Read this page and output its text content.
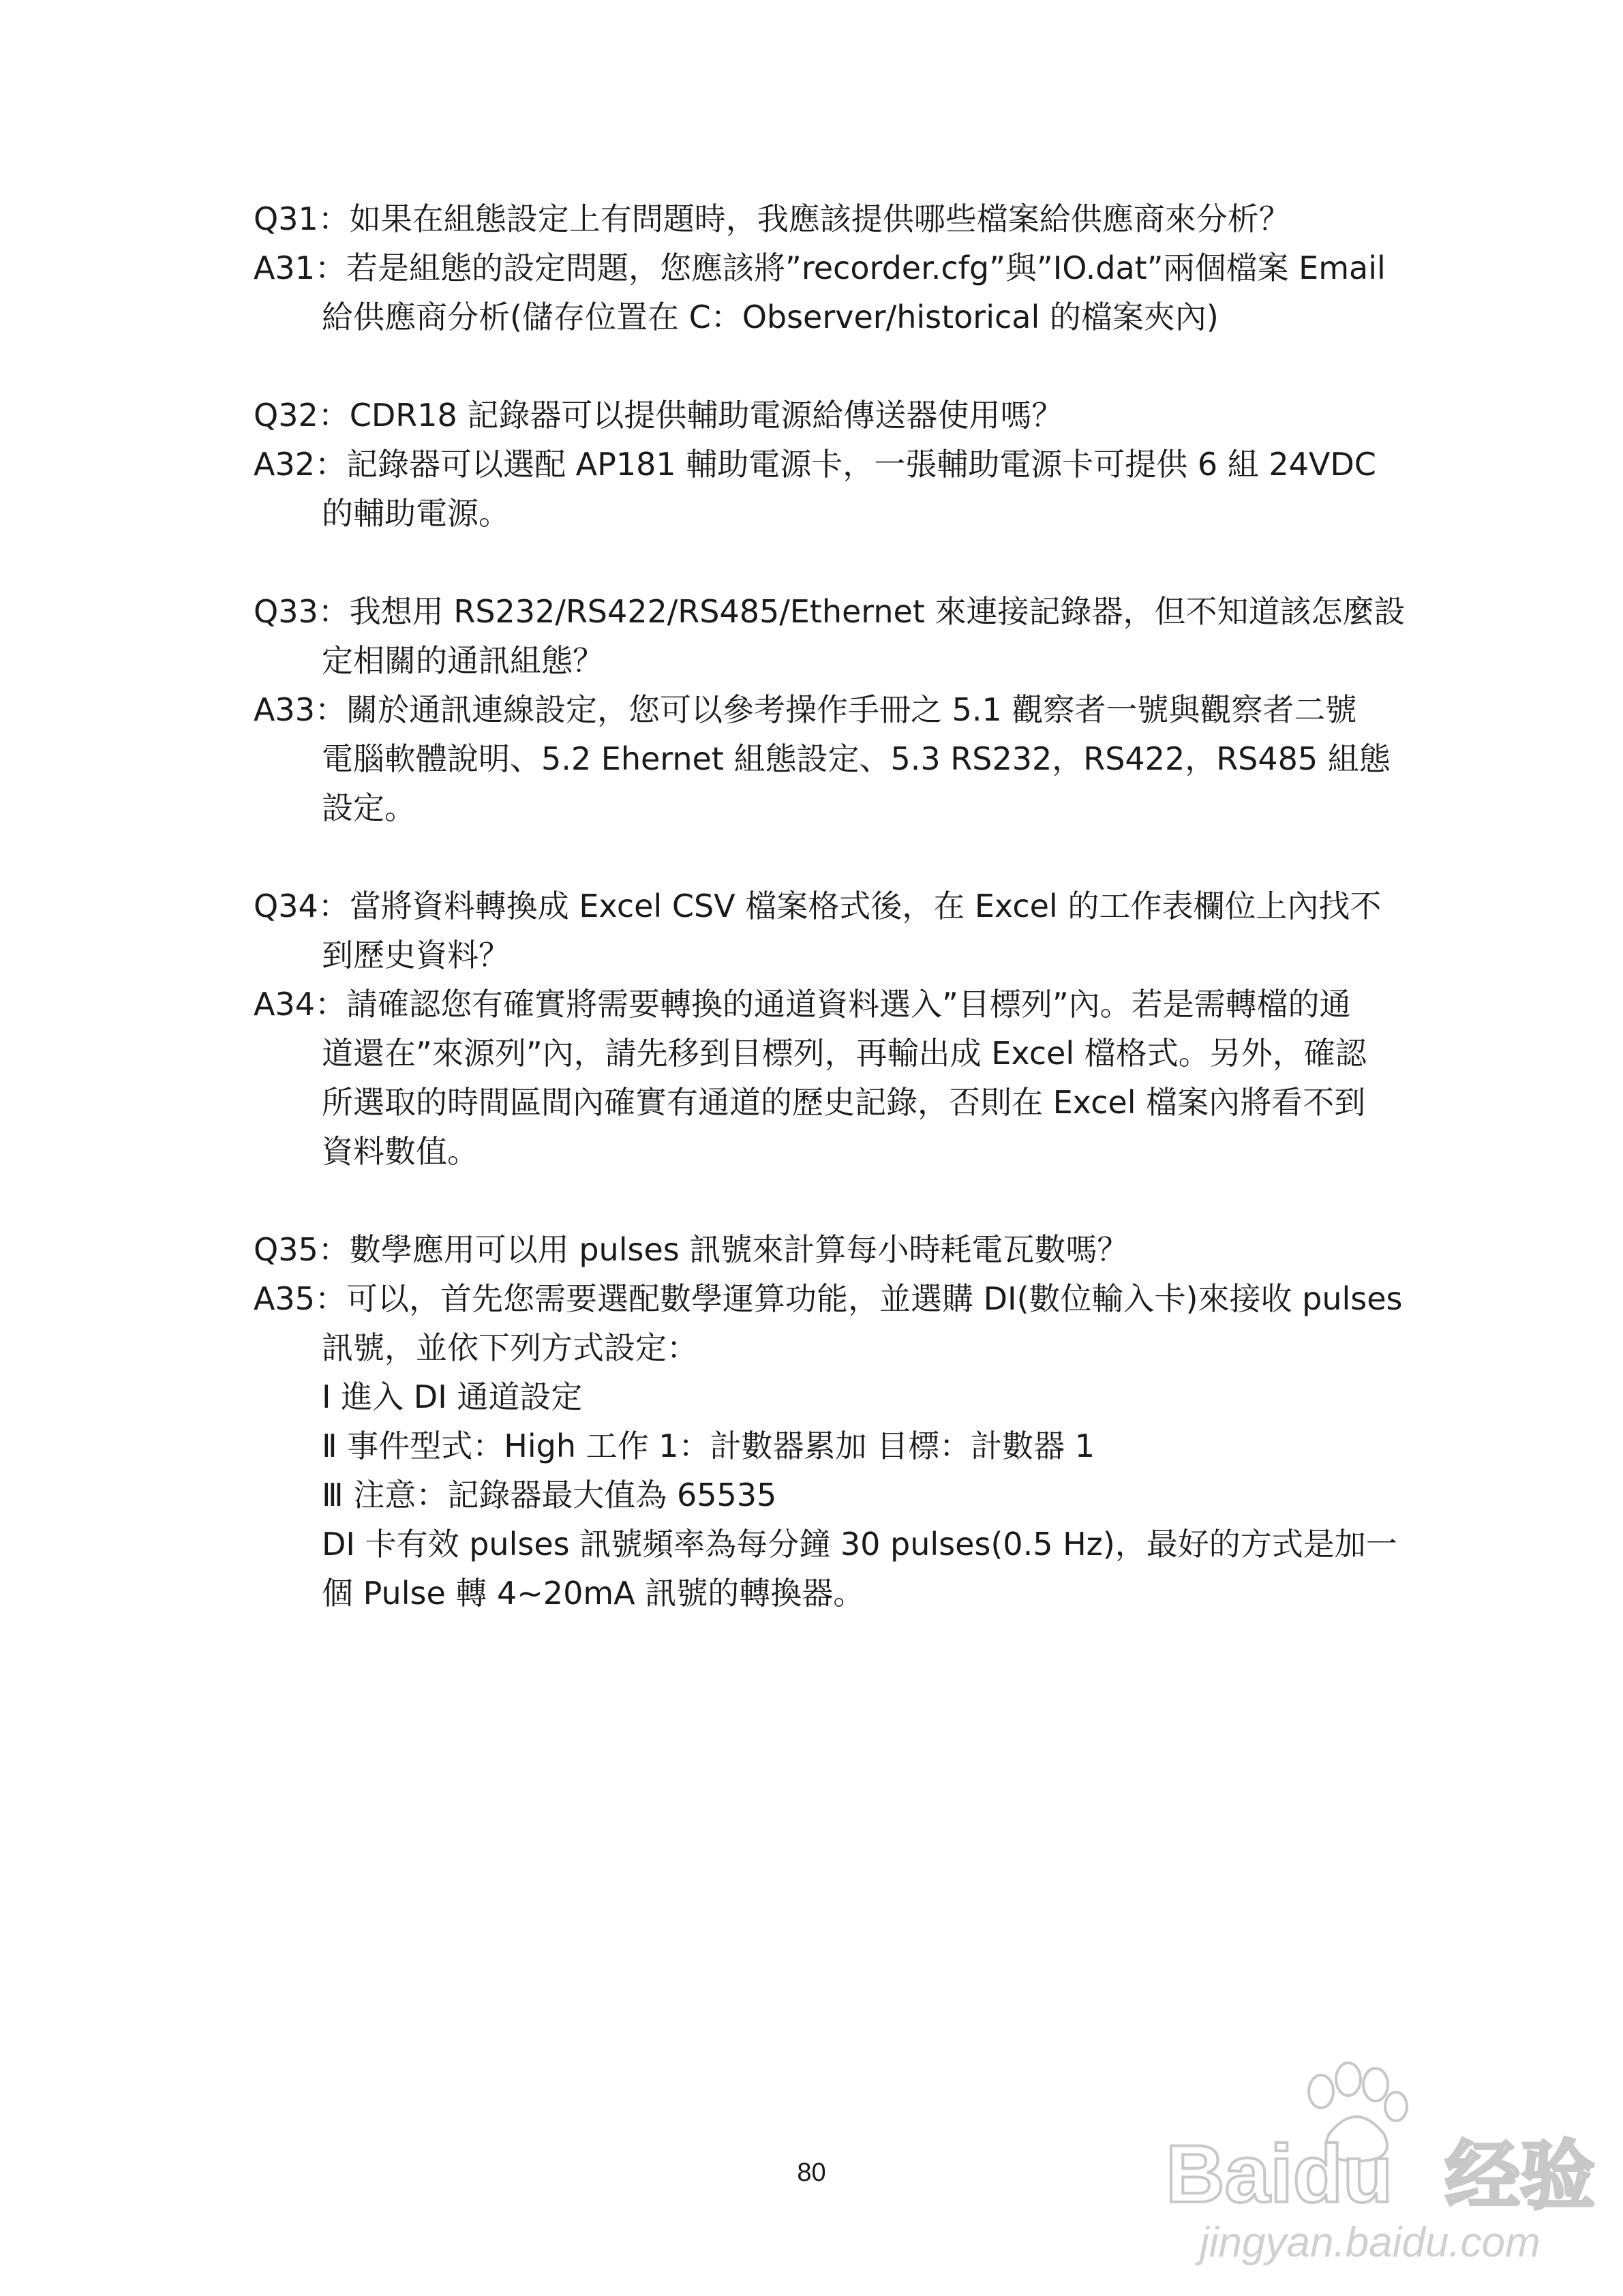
Q31：如果在組態設定上有問題時，我應該提供哪些檔案給供應商來分析？
A31：若是組態的設定問題，您應該將”recorder.cfg”與”IO.dat”兩個檔案 Email
給供應商分析(儲存位置在 C：Observer/historical 的檔案夾內)
Q32：CDR18 記錄器可以提供輔助電源給傳送器使用嗎？
A32：記錄器可以選配 AP181 輔助電源卡，一張輔助電源卡可提供 6 組 24VDC
的輔助電源。
Q33：我想用 RS232/RS422/RS485/Ethernet 來連接記錄器，但不知道該怎麼設
定相關的通訊組態？
A33：關於通訊連線設定，您可以參考操作手冊之 5.1 觀察者一號與觀察者二號
電腦軟體說明、5.2 Ehernet 組態設定、5.3 RS232，RS422，RS485 組態
設定。
Q34：當將資料轉換成 Excel CSV 檔案格式後，在 Excel 的工作表欄位上內找不
到歷史資料？
A34：請確認您有確實將需要轉換的通道資料選入”目標列”內。若是需轉檔的通
道還在”來源列”內，請先移到目標列，再輸出成 Excel 檔格式。另外，確認
所選取的時間區間內確實有通道的歷史記錄，否則在 Excel 檔案內將看不到
資料數值。
Q35：數學應用可以用 pulses 訊號來計算每小時耗電瓦數嗎？
A35：可以，首先您需要選配數學運算功能，並選購 DI(數位輸入卡)來接收 pulses
訊號，並依下列方式設定：
Ⅰ 進入 DI 通道設定
Ⅱ 事件型式：High 工作 1：計數器累加 目標：計數器 1
Ⅲ 注意：記錄器最大值為 65535
DI 卡有效 pulses 訊號頻率為每分鐘 30 pulses(0.5 Hz)，最好的方式是加一
個 Pulse 轉 4~20mA 訊號的轉換器。
80	Baidu 经验
jingyan.baidu.com
